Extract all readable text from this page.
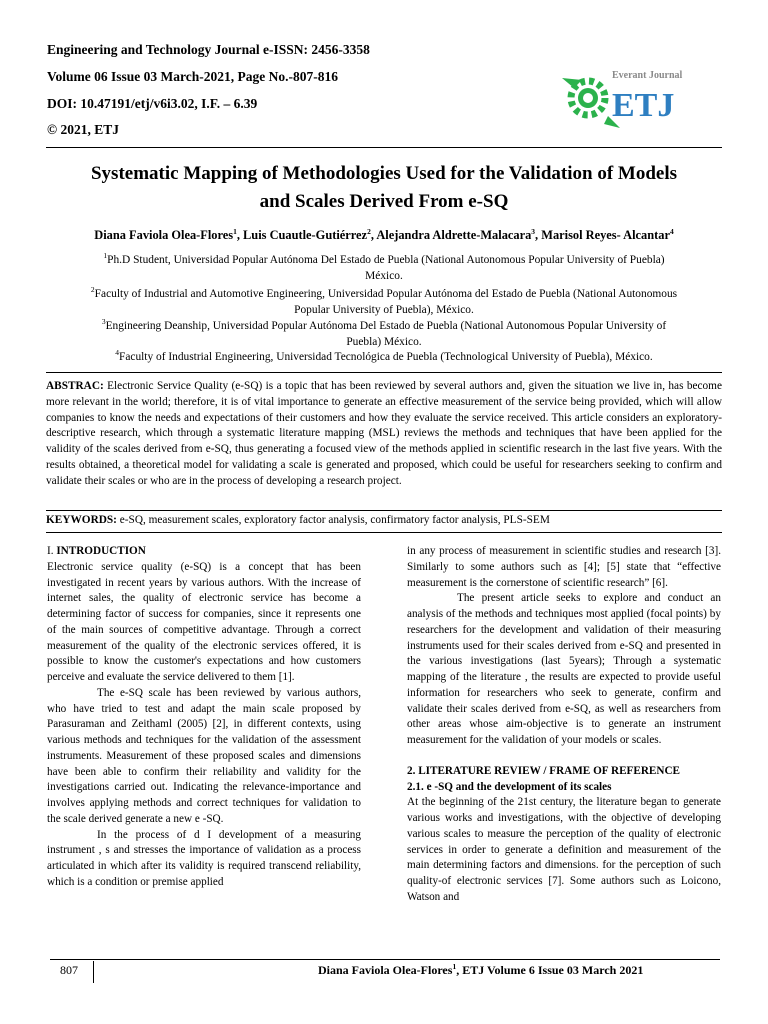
Engineering and Technology Journal e-ISSN: 2456-3358
Volume 06 Issue 03 March-2021, Page No.-807-816
DOI: 10.47191/etj/v6i3.02, I.F. – 6.39
© 2021, ETJ
Everant Journal
ETJ
Systematic Mapping of Methodologies Used for the Validation of Models
and Scales Derived From e-SQ
Diana Faviola Olea-Flores$^1$, Luis Cuautle-Gutiérrez$^2$, Alejandra Aldrette-Malacara$^3$, Marisol Reyes- Alcantar$^4$
$^1$Ph.D Student, Universidad Popular Autónoma Del Estado de Puebla (National Autonomous Popular University of Puebla)
México.
$^2$Faculty of Industrial and Automotive Engineering, Universidad Popular Autónoma del Estado de Puebla (National Autonomous
Popular University of Puebla), México.
$^3$Engineering Deanship, Universidad Popular Autónoma Del Estado de Puebla (National Autonomous Popular University of
Puebla) México.
$^4$Faculty of Industrial Engineering, Universidad Tecnológica de Puebla (Technological University of Puebla), México.
ABSTRAC: Electronic Service Quality (e-SQ) is a topic that has been reviewed by several authors and, given the situation we live in, has become more relevant in the world; therefore, it is of vital importance to generate an effective measurement of the service being provided, which will allow companies to know the needs and expectations of their customers and how they evaluate the service received. This article considers an exploratory-descriptive research, which through a systematic literature mapping (MSL) reviews the methods and techniques that have been applied for the validity of the scales derived from e-SQ, thus generating a focused view of the methods applied in scientific research in the last five years. With the results obtained, a theoretical model for validating a scale is generated and proposed, which could be useful for researchers seeking to confirm and validate their scales or who are in the process of developing a research project.
KEYWORDS: e-SQ, measurement scales, exploratory factor analysis, confirmatory factor analysis, PLS-SEM

I. INTRODUCTION

Electronic service quality (e-SQ) is a concept that has been investigated in recent years by various authors. With the increase of internet sales, the quality of electronic service has become a determining factor of success for companies, since it represents one of the main sources of competitive advantage. Through a correct measurement of the quality of the electronic services offered, it is possible to know the customer's expectations and how customers perceive and evaluate the service delivered to them [1].

The e-SQ scale has been reviewed by various authors, who have tried to test and adapt the main scale proposed by Parasuraman and Zeithaml (2005) [2], in different contexts, using various methods and techniques for the validation of the assessment instruments. Measurement of these proposed scales and dimensions have been able to confirm their reliability and validity for the investigations carried out. Indicating the relevance-importance and involves applying methods and correct techniques for validation to the scale derived generate a new e -SQ.

In the process of d I development of a measuring instrument , s and stresses the importance of validation as a process articulated in which after its validity is required transcend reliability, which is a condition or premise applied

in any process of measurement in scientific studies and research [3]. Similarly to some authors such as [4]; [5] state that “effective measurement is the cornerstone of scientific research” [6].

The present article seeks to explore and conduct an analysis of the methods and techniques most applied (focal points) by researchers for the development and validation of their measuring instruments used for their scales derived from e-SQ and presented in the various investigations (last 5years); Through a systematic mapping of the literature , the results are expected to provide useful information for researchers who seek to generate, confirm and validate their scales derived from e-SQ, as well as researchers from other areas whose aim-objective is to generate an instrument measurement for the validation of your models or scales.

2. LITERATURE REVIEW / FRAME OF REFERENCE

2.1. e -SQ and the development of its scales

At the beginning of the 21st century, the literature began to generate various works and investigations, with the objective of developing various scales to measure the perception of the quality of electronic services in order to generate a definition and measurement of the main determining factors and dimensions. for the perception of such quality-of electronic services [7]. Some authors such as Loicono, Watson and

807	Diana Faviola Olea-Flores$^1$, ETJ Volume 6 Issue 03 March 2021
